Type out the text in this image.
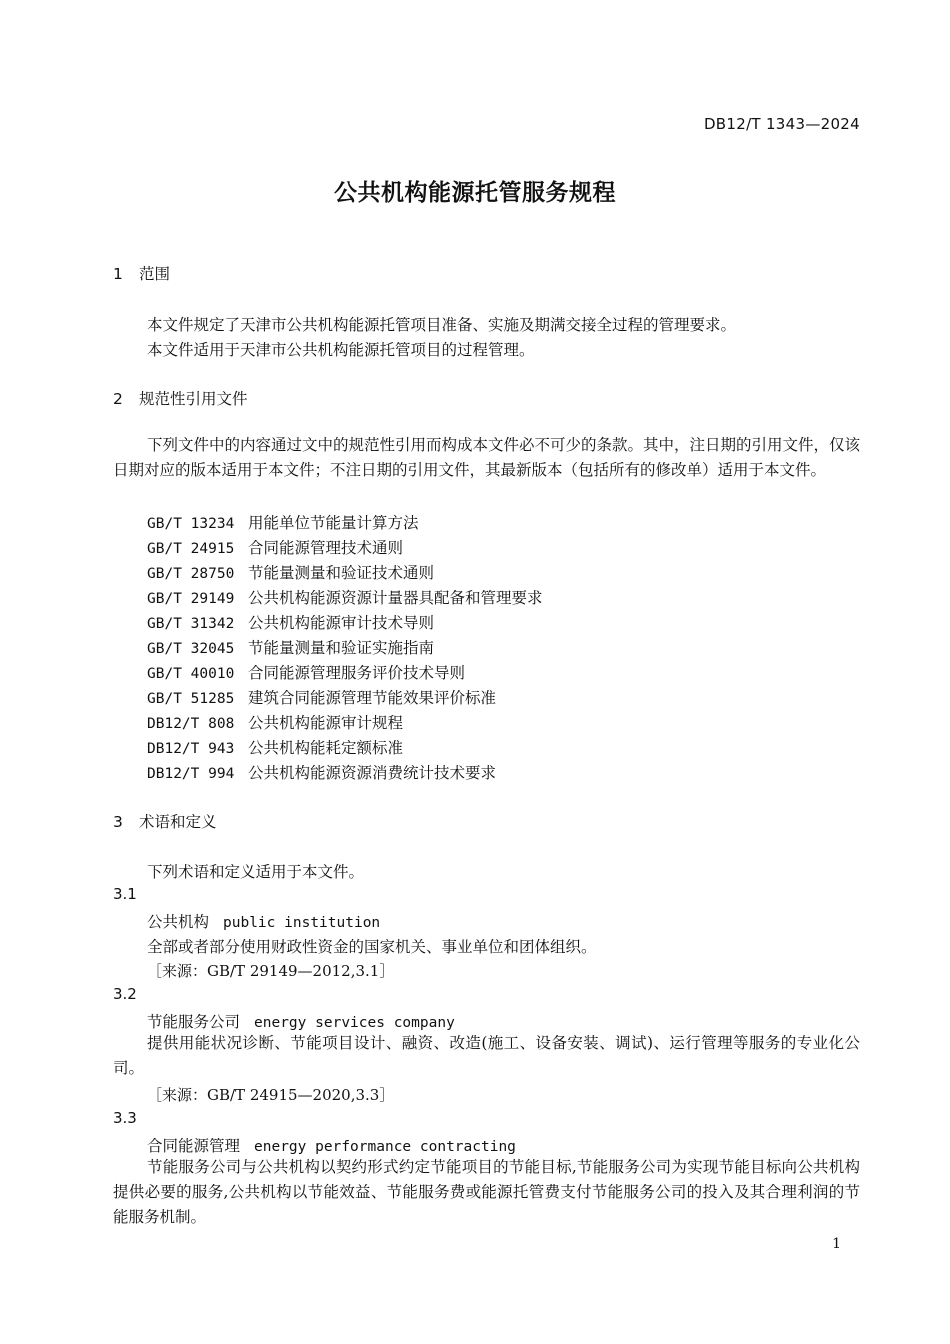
DB12/T 1343—2024
公共机构能源托管服务规程
1 范围
本文件规定了天津市公共机构能源托管项目准备、实施及期满交接全过程的管理要求。
本文件适用于天津市公共机构能源托管项目的过程管理。
2 规范性引用文件
下列文件中的内容通过文中的规范性引用而构成本文件必不可少的条款。其中，注日期的引用文件，仅该日期对应的版本适用于本文件；不注日期的引用文件，其最新版本（包括所有的修改单）适用于本文件。
GB/T 13234 用能单位节能量计算方法
GB/T 24915 合同能源管理技术通则
GB/T 28750 节能量测量和验证技术通则
GB/T 29149 公共机构能源资源计量器具配备和管理要求
GB/T 31342 公共机构能源审计技术导则
GB/T 32045 节能量测量和验证实施指南
GB/T 40010 合同能源管理服务评价技术导则
GB/T 51285 建筑合同能源管理节能效果评价标准
DB12/T 808 公共机构能源审计规程
DB12/T 943 公共机构能耗定额标准
DB12/T 994 公共机构能源资源消费统计技术要求
3 术语和定义
下列术语和定义适用于本文件。
3.1
公共机构 public institution
全部或者部分使用财政性资金的国家机关、事业单位和团体组织。
［来源：GB/T 29149—2012,3.1］
3.2
节能服务公司 energy services company
提供用能状况诊断、节能项目设计、融资、改造(施工、设备安装、调试)、运行管理等服务的专业化公司。
［来源：GB/T 24915—2020,3.3］
3.3
合同能源管理 energy performance contracting
节能服务公司与公共机构以契约形式约定节能项目的节能目标,节能服务公司为实现节能目标向公共机构提供必要的服务,公共机构以节能效益、节能服务费或能源托管费支付节能服务公司的投入及其合理利润的节能服务机制。
1
